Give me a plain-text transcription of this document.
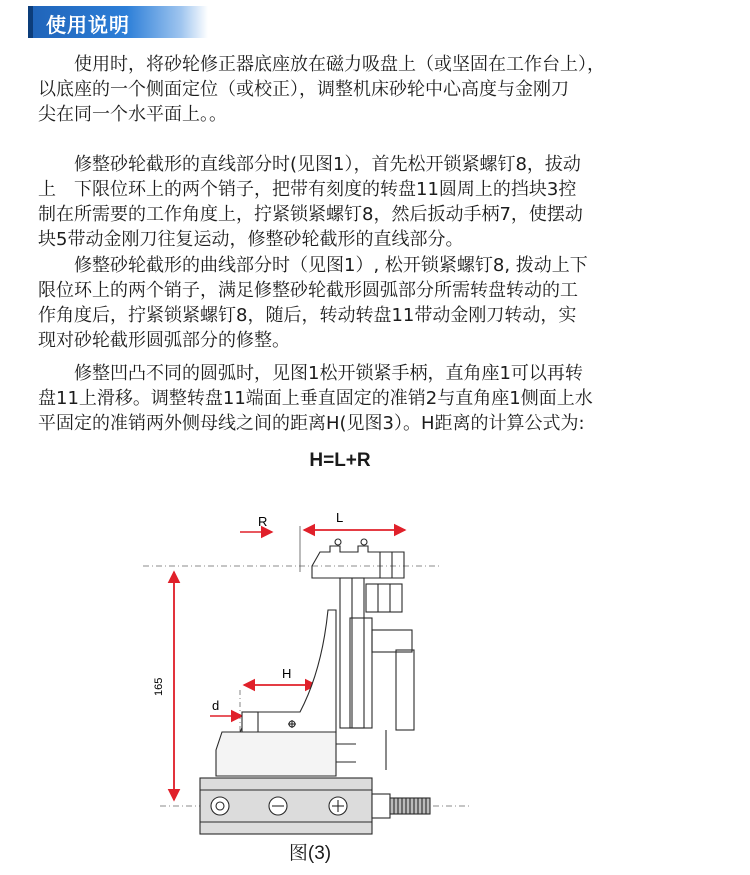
使用说明

　　使用时，将砂轮修正器底座放在磁力吸盘上（或坚固在工作台上），
以底座的一个侧面定位（或校正），调整机床砂轮中心高度与金刚刀
尖在同一个水平面上。。

　　修整砂轮截形的直线部分时(见图1），首先松开锁紧螺钉8，拔动
上　下限位环上的两个销子，把带有刻度的转盘11圆周上的挡块3控
制在所需要的工作角度上，拧紧锁紧螺钉8，然后扳动手柄7，使摆动
块5带动金刚刀往复运动，修整砂轮截形的直线部分。

　　修整砂轮截形的曲线部分时（见图1）, 松开锁紧螺钉8, 拨动上下
限位环上的两个销子，满足修整砂轮截形圆弧部分所需转盘转动的工
作角度后，拧紧锁紧螺钉8，随后，转动转盘11带动金刚刀转动，实
现对砂轮截形圆弧部分的修整。

　　修整凹凸不同的圆弧时，见图1松开锁紧手柄，直角座1可以再转
盘11上滑移。调整转盘11端面上垂直固定的准销2与直角座1侧面上水
平固定的准销两外侧母线之间的距离H(见图3）。H距离的计算公式为:

H=L+R
165
R	L
H
d
图(3)
